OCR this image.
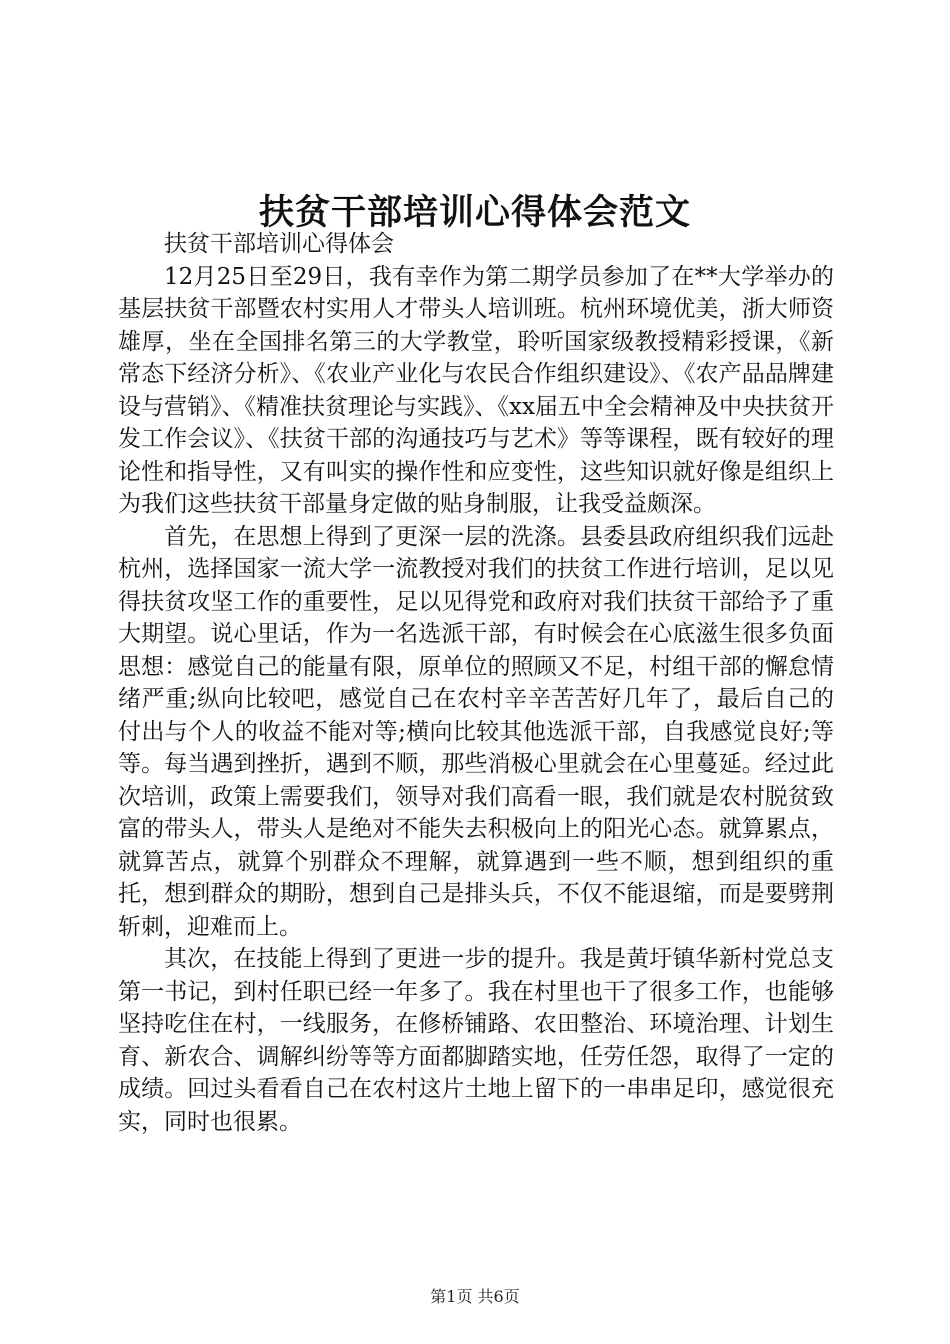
扶贫干部培训心得体会范文

扶贫干部培训心得体会

12月25日至29日，我有幸作为第二期学员参加了在**大学举办的基层扶贫干部暨农村实用人才带头人培训班。杭州环境优美，浙大师资雄厚，坐在全国排名第三的大学教堂，聆听国家级教授精彩授课，《新常态下经济分析》、《农业产业化与农民合作组织建设》、《农产品品牌建设与营销》、《精准扶贫理论与实践》、《xx届五中全会精神及中央扶贫开发工作会议》、《扶贫干部的沟通技巧与艺术》等等课程，既有较好的理论性和指导性，又有叫实的操作性和应变性，这些知识就好像是组织上为我们这些扶贫干部量身定做的贴身制服，让我受益颇深。

首先，在思想上得到了更深一层的洗涤。县委县政府组织我们远赴杭州，选择国家一流大学一流教授对我们的扶贫工作进行培训，足以见得扶贫攻坚工作的重要性，足以见得党和政府对我们扶贫干部给予了重大期望。说心里话，作为一名选派干部，有时候会在心底滋生很多负面思想：感觉自己的能量有限，原单位的照顾又不足，村组干部的懈怠情绪严重;纵向比较吧，感觉自己在农村辛辛苦苦好几年了，最后自己的付出与个人的收益不能对等;横向比较其他选派干部，自我感觉良好;等等。每当遇到挫折，遇到不顺，那些消极心里就会在心里蔓延。经过此次培训，政策上需要我们，领导对我们高看一眼，我们就是农村脱贫致富的带头人，带头人是绝对不能失去积极向上的阳光心态。就算累点，就算苦点，就算个别群众不理解，就算遇到一些不顺，想到组织的重托，想到群众的期盼，想到自己是排头兵，不仅不能退缩，而是要劈荆斩刺，迎难而上。

其次，在技能上得到了更进一步的提升。我是黄圩镇华新村党总支第一书记，到村任职已经一年多了。我在村里也干了很多工作，也能够坚持吃住在村，一线服务，在修桥铺路、农田整治、环境治理、计划生育、新农合、调解纠纷等等方面都脚踏实地，任劳任怨，取得了一定的成绩。回过头看看自己在农村这片土地上留下的一串串足印，感觉很充实，同时也很累。

第1页 共6页
